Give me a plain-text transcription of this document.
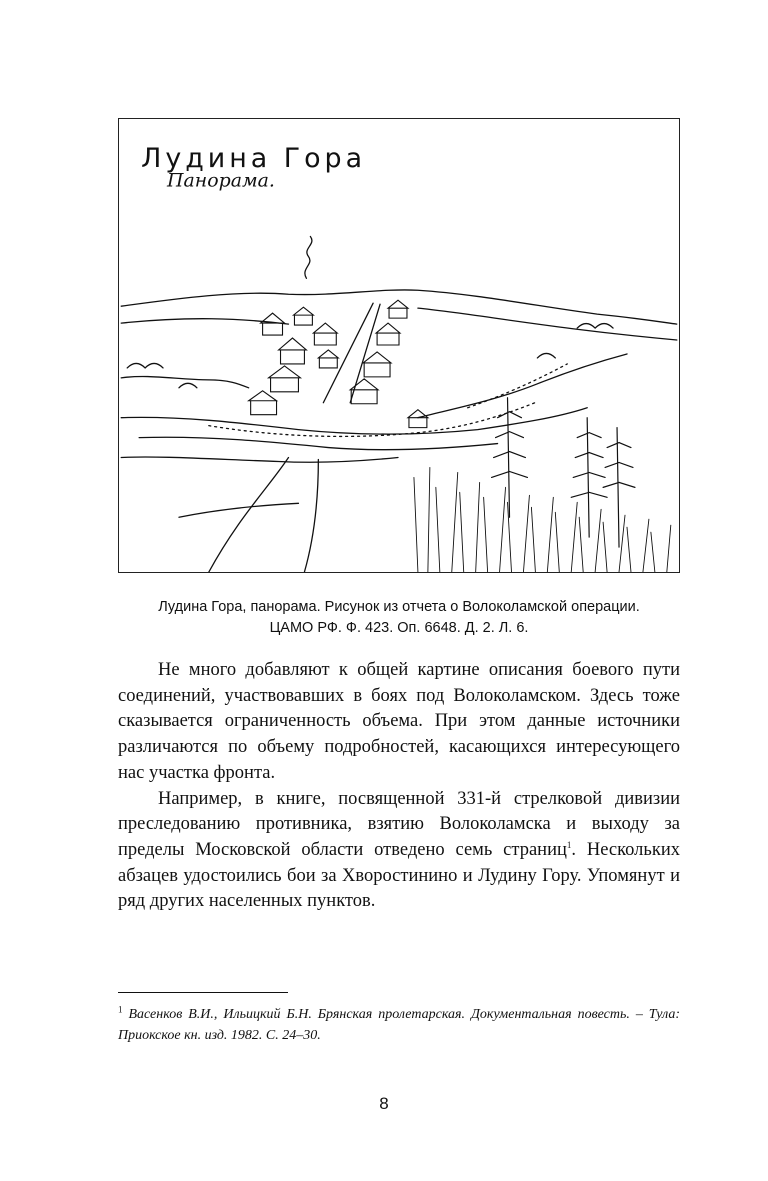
Лудина Гора
Панорама.
Лудина Гора, панорама. Рисунок из отчета о Волоколамской операции.
ЦАМО РФ. Ф. 423. Оп. 6648. Д. 2. Л. 6.

Не много добавляют к общей картине описания боевого пути соединений, участвовавших в боях под Волоколамском. Здесь тоже сказывается ограниченность объема. При этом данные источники различаются по объему подробностей, касающихся интересующего нас участка фронта.

Например, в книге, посвященной 331-й стрелковой дивизии преследованию противника, взятию Волоколамска и выходу за пределы Московской области отведено семь страниц$^1$. Нескольких абзацев удостоились бои за Хворостинино и Лудину Гору. Упомянут и ряд других населенных пунктов.

$^1$ Васенков В.И., Ильицкий Б.Н. Брянская пролетарская. Документальная повесть. – Тула: Приокское кн. изд. 1982. С. 24–30.
8
